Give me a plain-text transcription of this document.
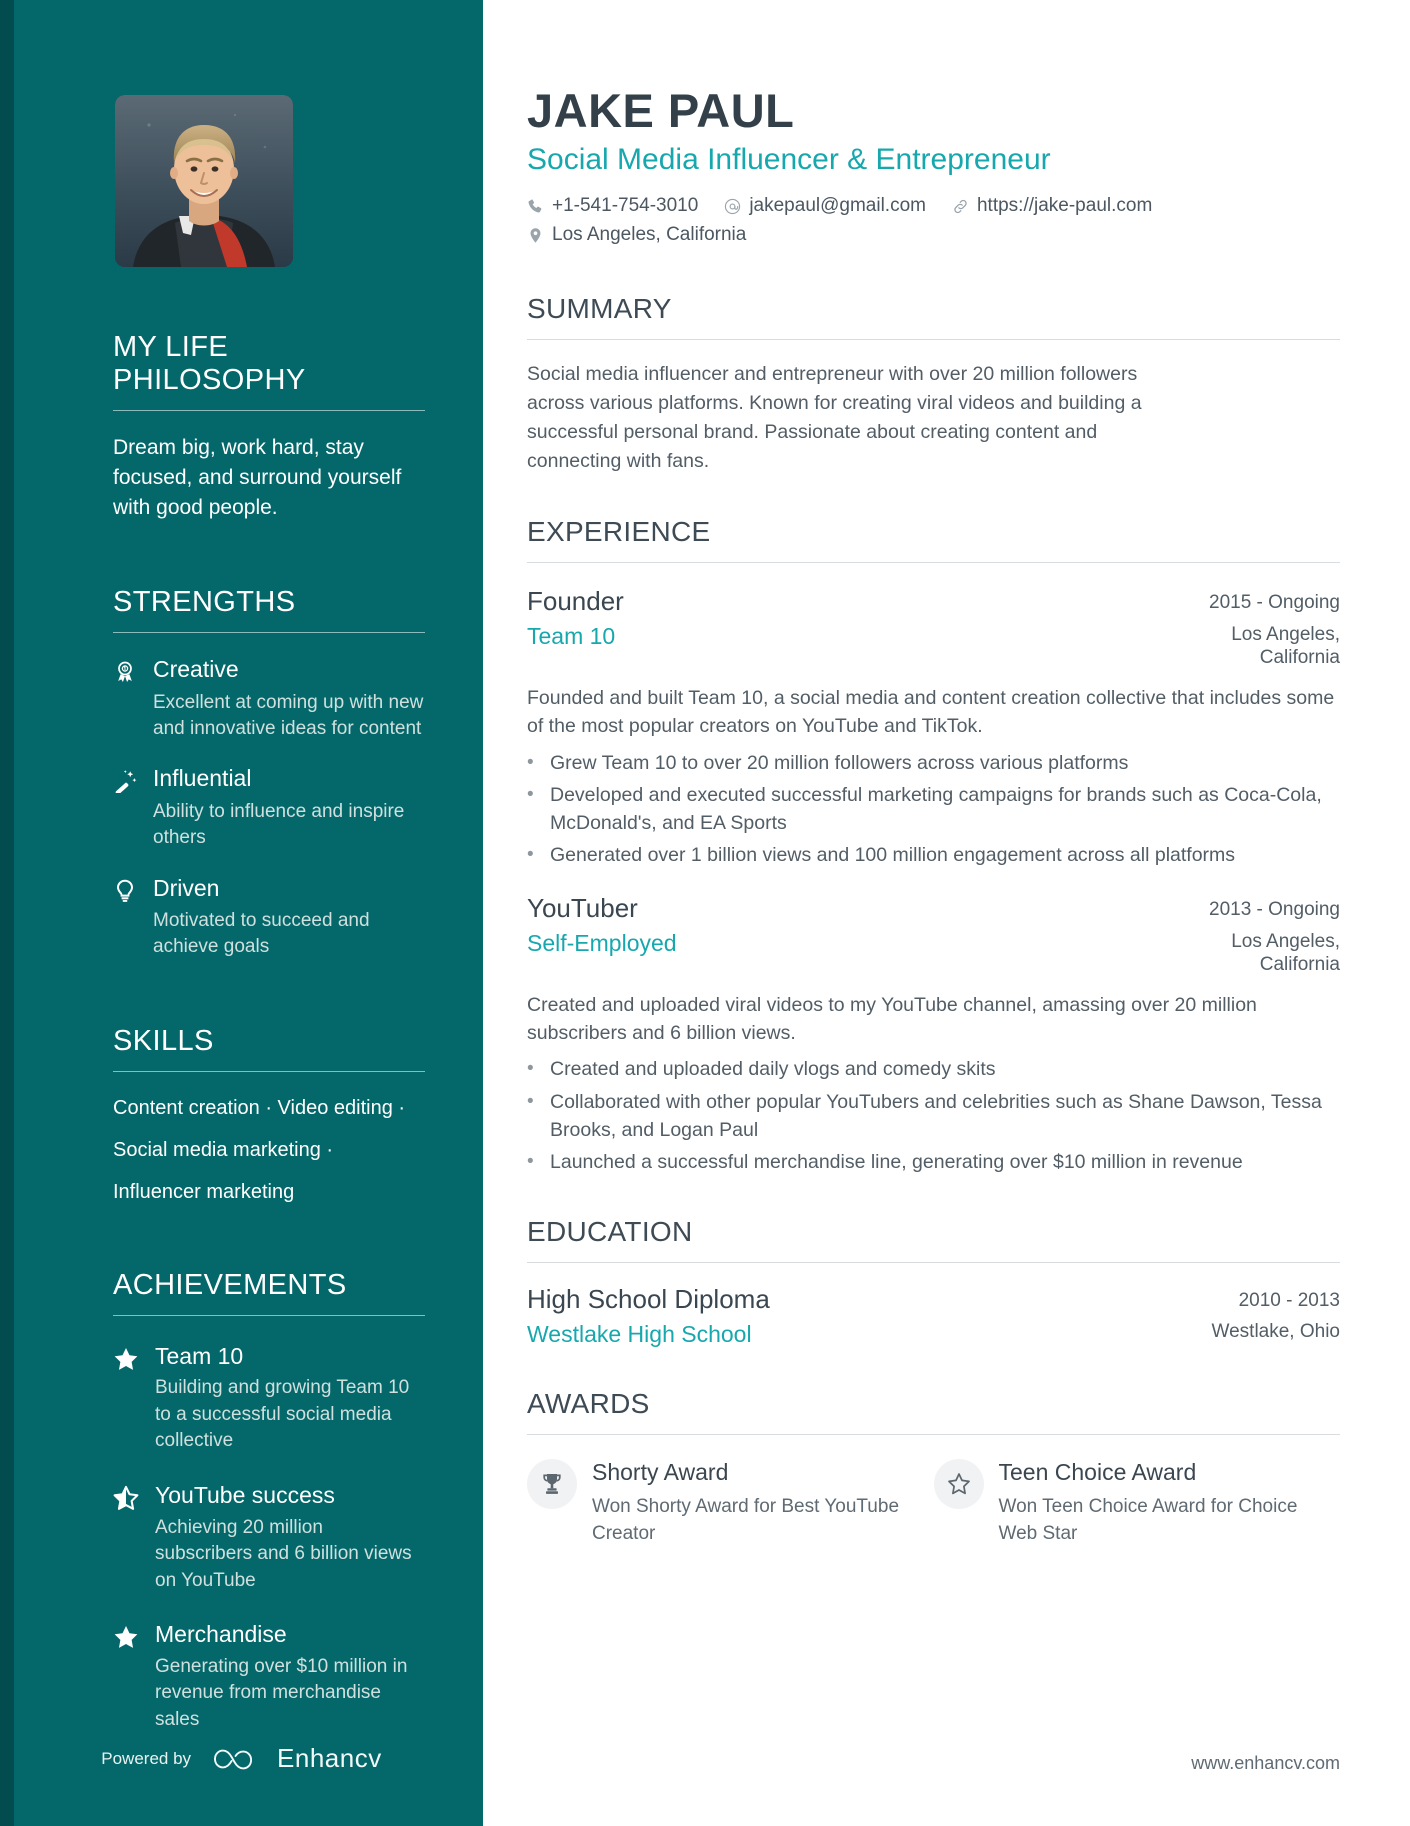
MY LIFE PHILOSOPHY

Dream big, work hard, stay focused, and surround yourself with good people.

STRENGTHS
Creative
Excellent at coming up with new and innovative ideas for content
Influential
Ability to influence and inspire others
Driven
Motivated to succeed and achieve goals
SKILLS
Content creation · Video editing ·
Social media marketing ·
Influencer marketing
ACHIEVEMENTS
Team 10
Building and growing Team 10 to a successful social media collective
YouTube success
Achieving 20 million subscribers and 6 billion views on YouTube
Merchandise
Generating over $10 million in revenue from merchandise sales
Powered by	Enhancv
JAKE PAUL
Social Media Influencer & Entrepreneur
+1-541-754-3010	jakepaul@gmail.com	https://jake-paul.com
Los Angeles, California
SUMMARY

Social media influencer and entrepreneur with over 20 million followers across various platforms. Known for creating viral videos and building a successful personal brand. Passionate about creating content and connecting with fans.

EXPERIENCE
Founder	2015 - Ongoing
Team 10	Los Angeles, California

Founded and built Team 10, a social media and content creation collective that includes some of the most popular creators on YouTube and TikTok.

• Grew Team 10 to over 20 million followers across various platforms
• Developed and executed successful marketing campaigns for brands such as Coca-Cola, McDonald's, and EA Sports
• Generated over 1 billion views and 100 million engagement across all platforms
YouTuber	2013 - Ongoing
Self-Employed	Los Angeles, California

Created and uploaded viral videos to my YouTube channel, amassing over 20 million subscribers and 6 billion views.

• Created and uploaded daily vlogs and comedy skits
• Collaborated with other popular YouTubers and celebrities such as Shane Dawson, Tessa Brooks, and Logan Paul
• Launched a successful merchandise line, generating over $10 million in revenue
EDUCATION
High School Diploma	2010 - 2013
Westlake High School	Westlake, Ohio
AWARDS
Shorty Award
Won Shorty Award for Best YouTube Creator
Teen Choice Award
Won Teen Choice Award for Choice Web Star
www.enhancv.com
